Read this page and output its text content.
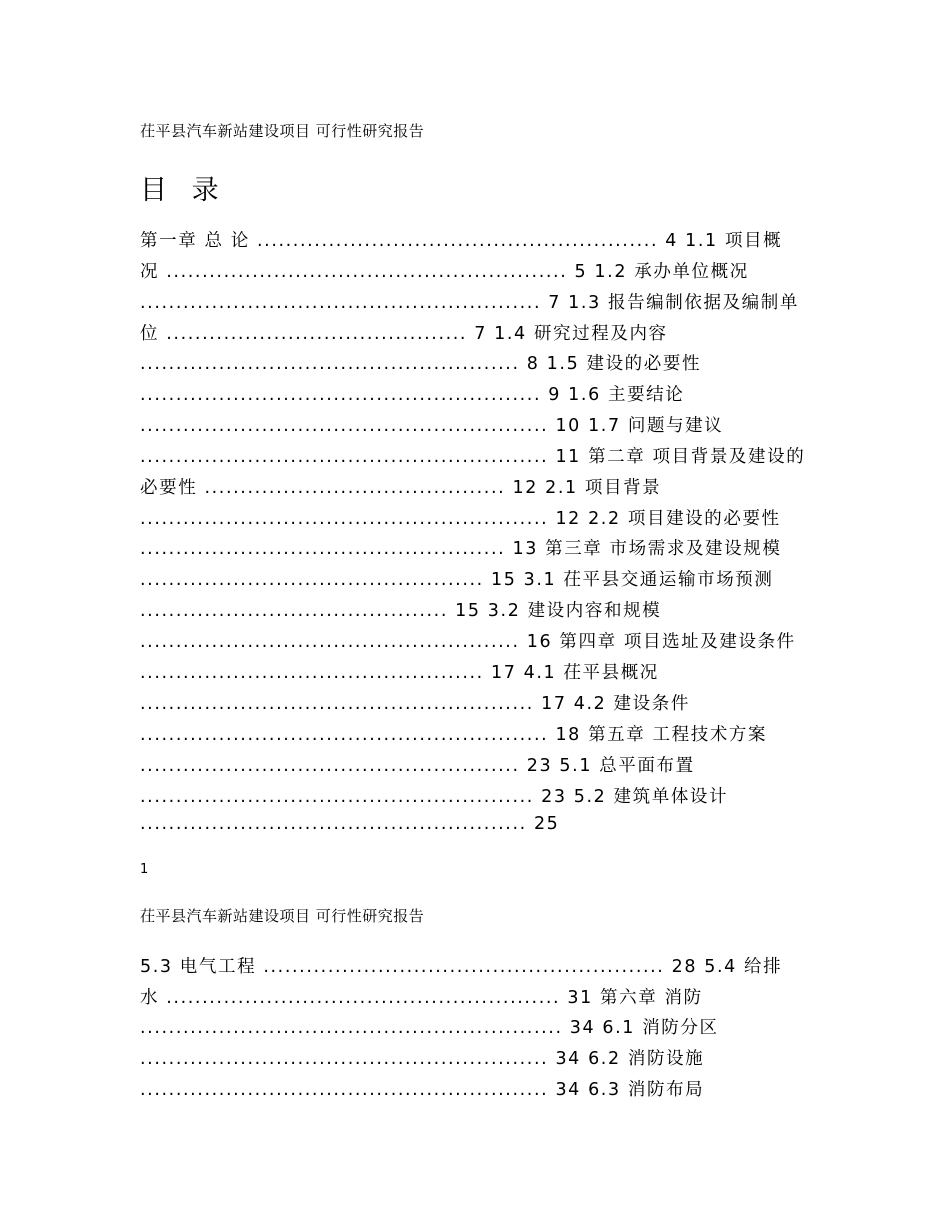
茌平县汽车新站建设项目 可行性研究报告
目 录
第一章 总 论 ........................................................ 4 1.1 项目概
况 ........................................................ 5 1.2 承办单位概况
........................................................ 7 1.3 报告编制依据及编制单
位 .......................................... 7 1.4 研究过程及内容
..................................................... 8 1.5 建设的必要性
........................................................ 9 1.6 主要结论
......................................................... 10 1.7 问题与建议
......................................................... 11 第二章 项目背景及建设的
必要性 .......................................... 12 2.1 项目背景
......................................................... 12 2.2 项目建设的必要性
................................................... 13 第三章 市场需求及建设规模
................................................ 15 3.1 茌平县交通运输市场预测
........................................... 15 3.2 建设内容和规模
..................................................... 16 第四章 项目选址及建设条件
................................................ 17 4.1 茌平县概况
....................................................... 17 4.2 建设条件
......................................................... 18 第五章 工程技术方案
..................................................... 23 5.1 总平面布置
....................................................... 23 5.2 建筑单体设计
...................................................... 25
1
茌平县汽车新站建设项目 可行性研究报告
5.3 电气工程 ........................................................ 28 5.4 给排
水 ....................................................... 31 第六章 消防
........................................................... 34 6.1 消防分区
......................................................... 34 6.2 消防设施
......................................................... 34 6.3 消防布局
